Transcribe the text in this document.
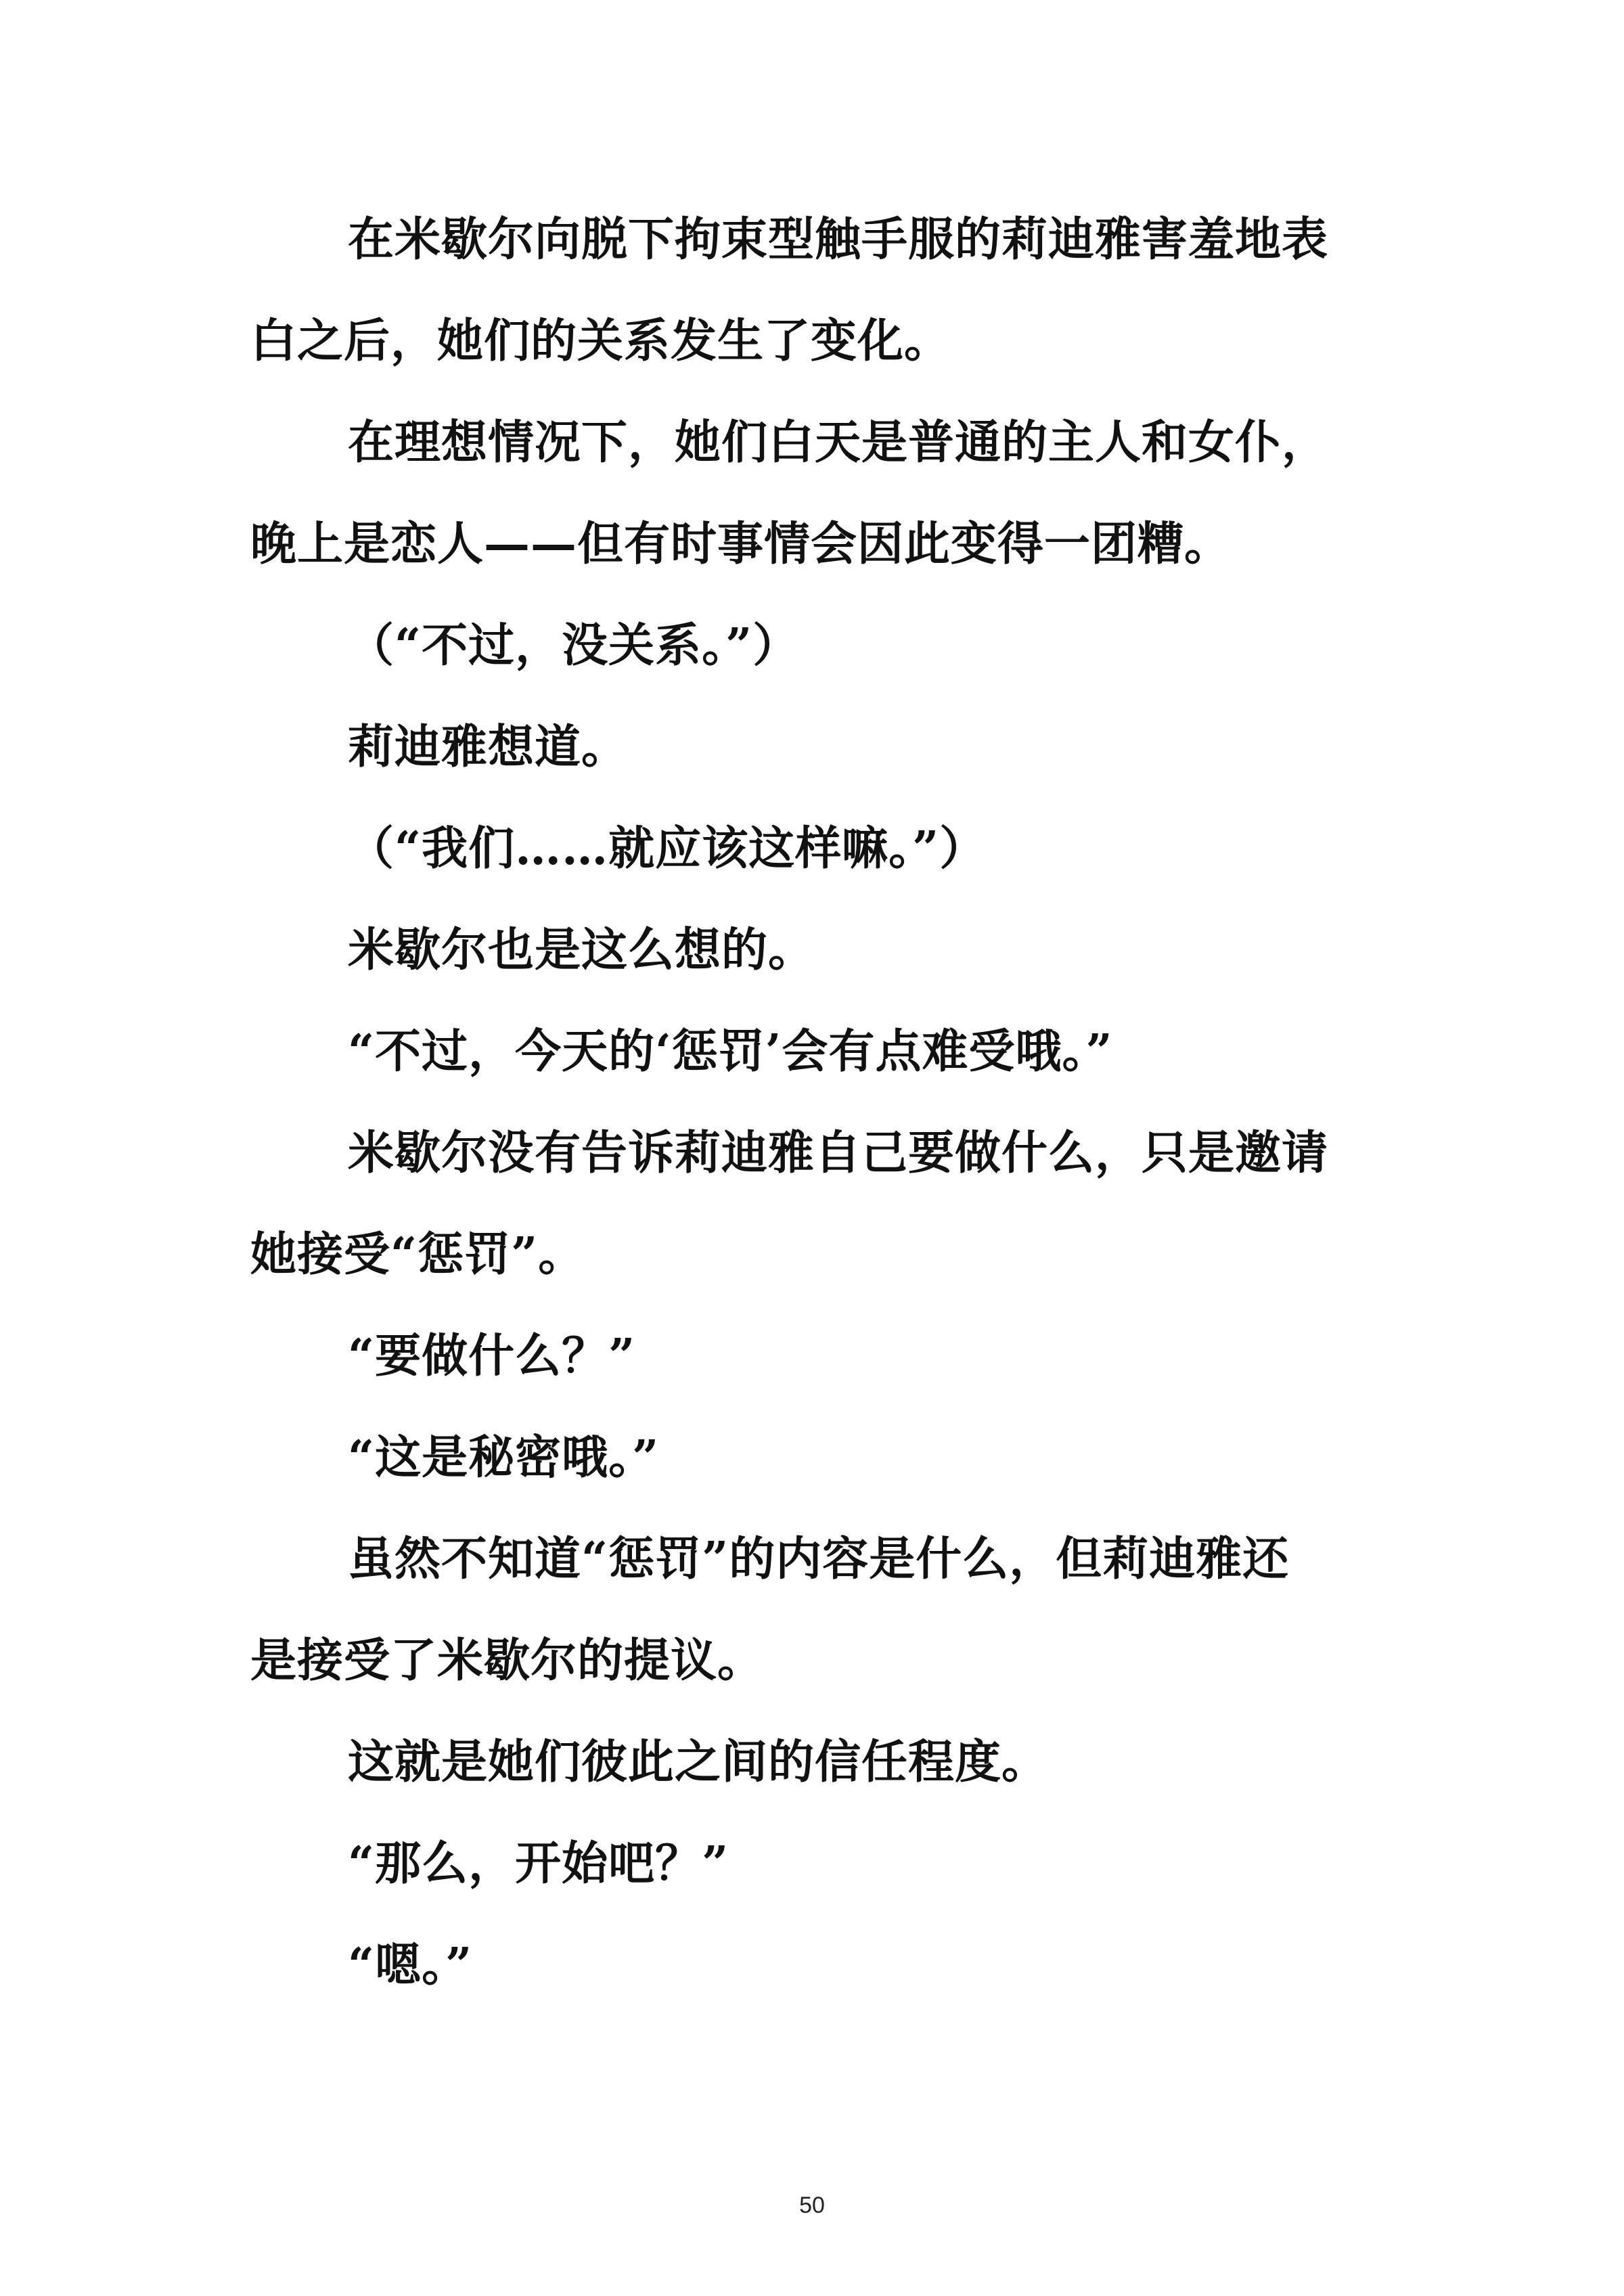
在米歇尔向脱下拘束型触手服的莉迪雅害羞地表

白之后，她们的关系发生了变化。

在理想情况下，她们白天是普通的主人和女仆，

晚上是恋人——但有时事情会因此变得一团糟。

（“不过，没关系。”）

莉迪雅想道。

（“我们……就应该这样嘛。”）

米歇尔也是这么想的。

“不过，今天的‘惩罚’会有点难受哦。”

米歇尔没有告诉莉迪雅自己要做什么，只是邀请

她接受“惩罚”。

“要做什么？”

“这是秘密哦。”

虽然不知道“惩罚”的内容是什么，但莉迪雅还

是接受了米歇尔的提议。

这就是她们彼此之间的信任程度。

“那么，开始吧？”

“嗯。”

50
